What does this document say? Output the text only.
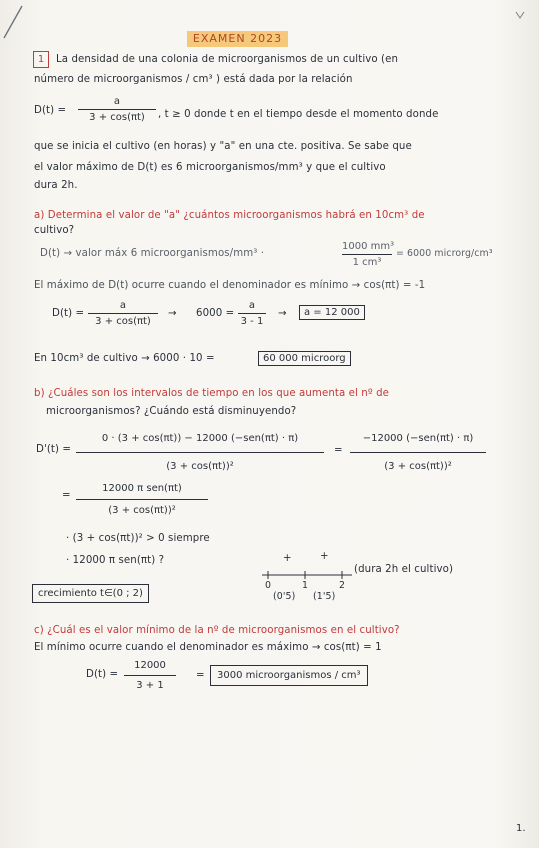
EXAMEN 2023
1	La densidad de una colonia de microorganismos de un cultivo (en
número de microorganismos / cm³ ) está dada por la relación
D(t) =
a
3 + cos(πt)	, t ≥ 0 donde t en el tiempo desde el momento donde
que se inicia el cultivo (en horas) y "a" en una cte. positiva. Se sabe que
el valor máximo de D(t) es 6 microorganismos/mm³ y que el cultivo
dura 2h.
a) Determina el valor de "a" ¿cuántos microorganismos habrá en 10cm³ de
cultivo?
D(t) → valor máx 6 microorganismos/mm³ ·
1000 mm³
1 cm³
= 6000 microrg/cm³
El máximo de D(t) ocurre cuando el denominador es mínimo → cos(πt) = -1
D(t) =
a
3 + cos(πt)
→ 6000 =
a
3 - 1
→	a = 12 000
En 10cm³ de cultivo → 6000 · 10 =	60 000 microorg
b) ¿Cuáles son los intervalos de tiempo en los que aumenta el nº de
microorganismos? ¿Cuándo está disminuyendo?
D'(t) =
0 · (3 + cos(πt)) − 12000 (−sen(πt) · π)
(3 + cos(πt))²
=
−12000 (−sen(πt) · π)
(3 + cos(πt))²
=
12000 π sen(πt)
(3 + cos(πt))²
· (3 + cos(πt))² > 0 siempre
· 12000 π sen(πt) ?	+	+
0	1	2
(0'5) (1'5)
(dura 2h el cultivo)
crecimiento t∈(0 ; 2)
c) ¿Cuál es el valor mínimo de la nº de microorganismos en el cultivo?
El mínimo ocurre cuando el denominador es máximo → cos(πt) = 1
D(t) =
12000
3 + 1
=	3000 microorganismos / cm³
1.
